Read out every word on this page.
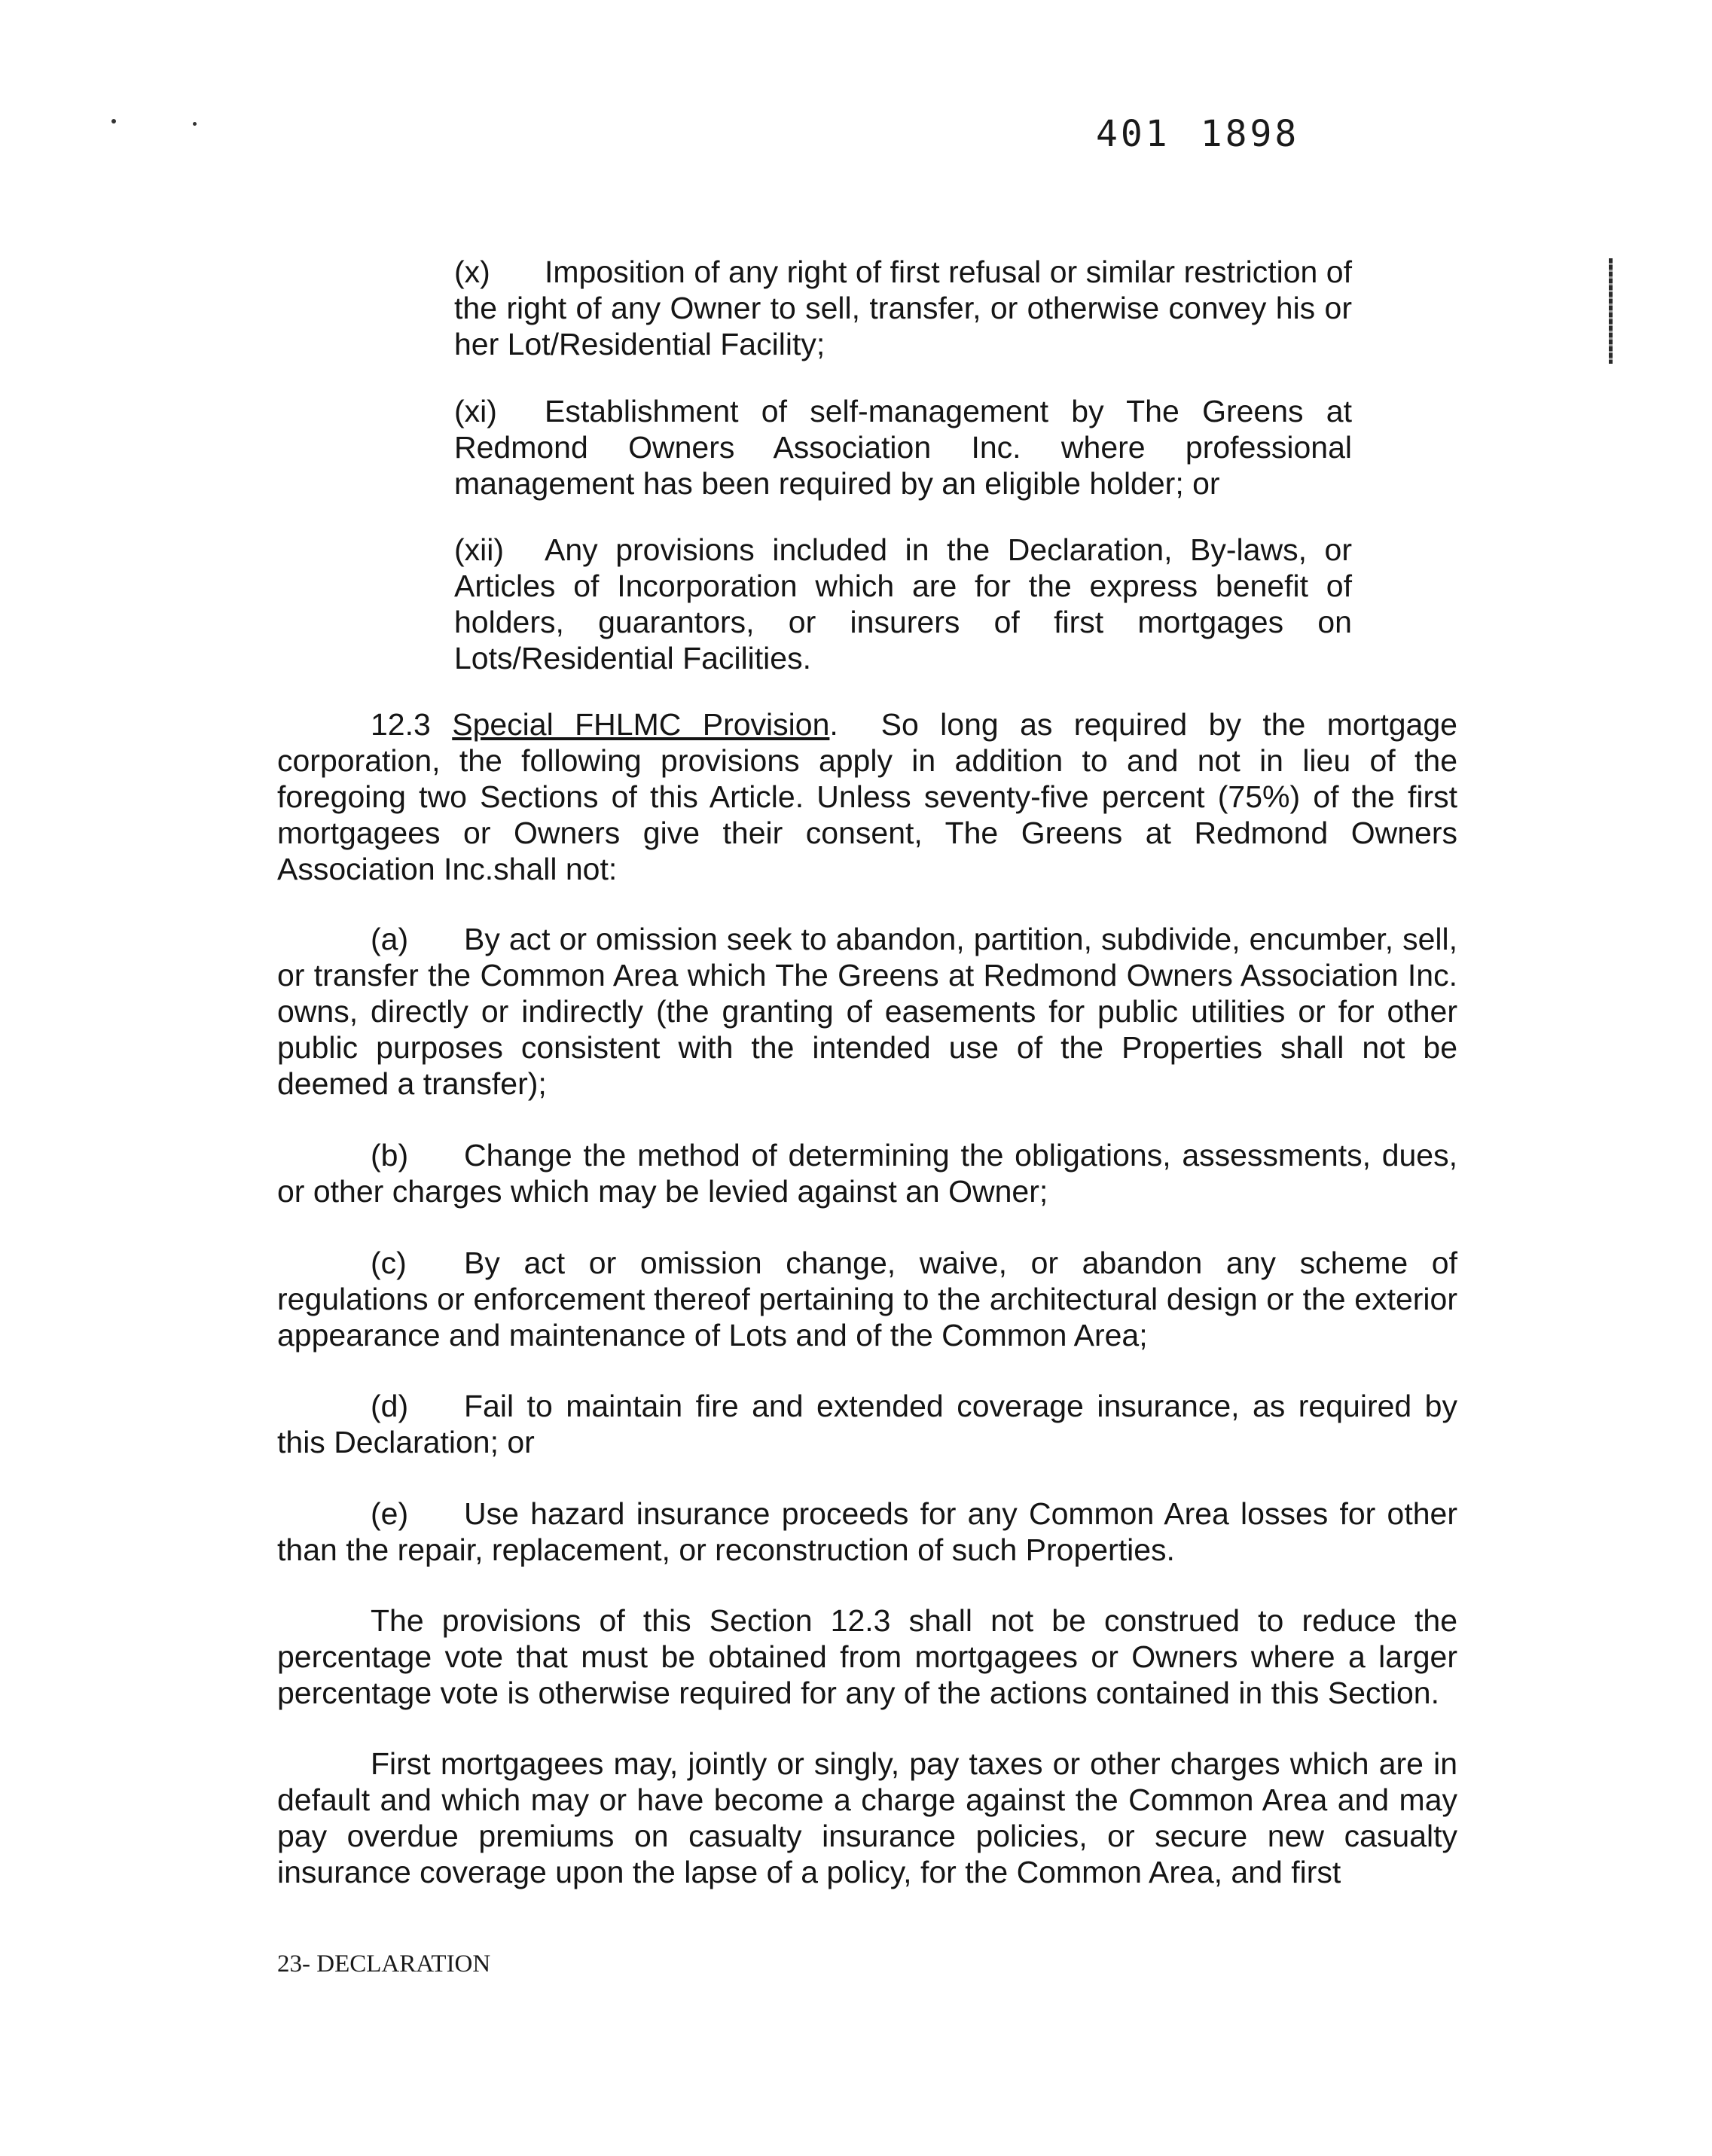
401 1898

(x) Imposition of any right of first refusal or similar restriction of the right of any Owner to sell, transfer, or otherwise convey his or her Lot/Residential Facility;

(xi) Establishment of self-management by The Greens at Redmond Owners Association Inc. where professional management has been required by an eligible holder; or

(xii) Any provisions included in the Declaration, By-laws, or Articles of Incorporation which are for the express benefit of holders, guarantors, or insurers of first mortgages on Lots/Residential Facilities.

12.3 Special FHLMC Provision.  So long as required by the mortgage corporation, the following provisions apply in addition to and not in lieu of the foregoing two Sections of this Article. Unless seventy-five percent (75%) of the first mortgagees or Owners give their consent, The Greens at Redmond Owners Association Inc.shall not:

(a) By act or omission seek to abandon, partition, subdivide, encumber, sell, or transfer the Common Area which The Greens at Redmond Owners Association Inc. owns, directly or indirectly (the granting of easements for public utilities or for other public purposes consistent with the intended use of the Properties shall not be deemed a transfer);

(b) Change the method of determining the obligations, assessments, dues, or other charges which may be levied against an Owner;

(c) By act or omission change, waive, or abandon any scheme of regulations or enforcement thereof pertaining to the architectural design or the exterior appearance and maintenance of Lots and of the Common Area;

(d) Fail to maintain fire and extended coverage insurance, as required by this Declaration; or

(e) Use hazard insurance proceeds for any Common Area losses for other than the repair, replacement, or reconstruction of such Properties.

The provisions of this Section 12.3 shall not be construed to reduce the percentage vote that must be obtained from mortgagees or Owners where a larger percentage vote is otherwise required for any of the actions contained in this Section.

First mortgagees may, jointly or singly, pay taxes or other charges which are in default and which may or have become a charge against the Common Area and may pay overdue premiums on casualty insurance policies, or secure new casualty insurance coverage upon the lapse of a policy, for the Common Area, and first

23- DECLARATION
